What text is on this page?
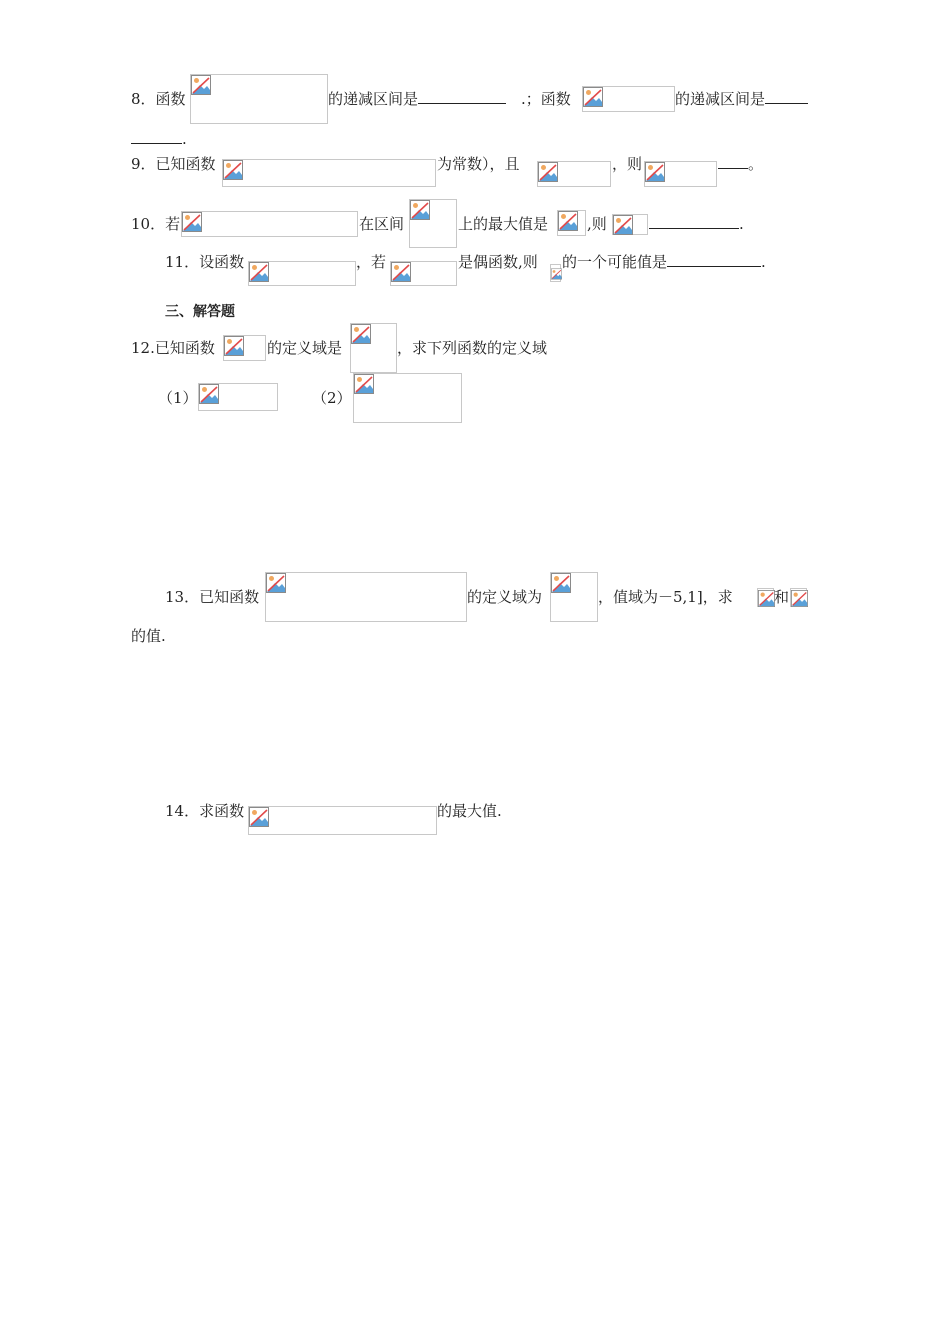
8．函数	的递减区间是	.；函数	的递减区间是
.
9．已知函数	为常数），且	，则	。
10．若	在区间	上的最大值是	,则	.
11．设函数	，若	是偶函数,则 的一个可能值是	.
三、解答题
12.已知函数	的定义域是	，求下列函数的定义域
（1）	（2）
13．已知函数	的定义域为	，值域为－5,1]，求	和
的值.
14．求函数	的最大值.
